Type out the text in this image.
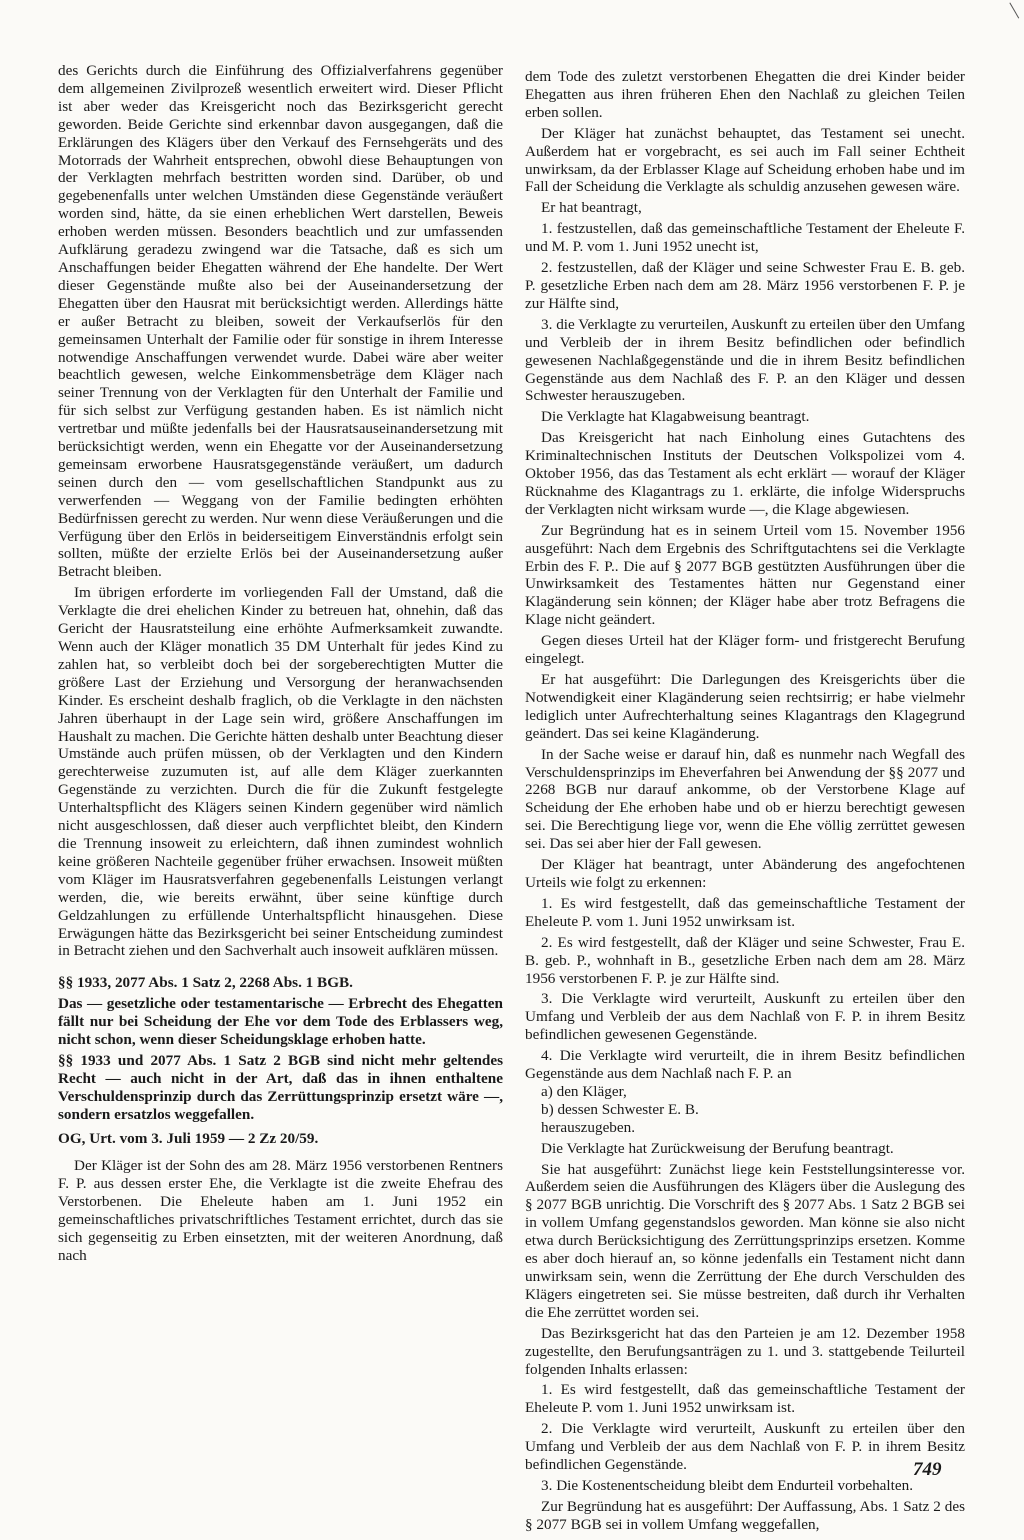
des Gerichts durch die Einführung des Offizialverfahrens gegenüber dem allgemeinen Zivilprozeß wesentlich erweitert wird. Dieser Pflicht ist aber weder das Kreisgericht noch das Bezirksgericht gerecht geworden. Beide Gerichte sind erkennbar davon ausgegangen, daß die Erklärungen des Klägers über den Verkauf des Fernsehgeräts und des Motorrads der Wahrheit entsprechen, obwohl diese Behauptungen von der Verklagten mehrfach bestritten worden sind. Darüber, ob und gegebenenfalls unter welchen Umständen diese Gegenstände veräußert worden sind, hätte, da sie einen erheblichen Wert darstellen, Beweis erhoben werden müssen. Besonders beachtlich und zur umfassenden Aufklärung geradezu zwingend war die Tatsache, daß es sich um Anschaffungen beider Ehegatten während der Ehe handelte. Der Wert dieser Gegenstände mußte also bei der Auseinandersetzung der Ehegatten über den Hausrat mit berücksichtigt werden. Allerdings hätte er außer Betracht zu bleiben, soweit der Verkaufserlös für den gemeinsamen Unterhalt der Familie oder für sonstige in ihrem Interesse notwendige Anschaffungen verwendet wurde. Dabei wäre aber weiter beachtlich gewesen, welche Einkommensbeträge dem Kläger nach seiner Trennung von der Verklagten für den Unterhalt der Familie und für sich selbst zur Verfügung gestanden haben. Es ist nämlich nicht vertretbar und müßte jedenfalls bei der Hausratsauseinandersetzung mit berücksichtigt werden, wenn ein Ehegatte vor der Auseinandersetzung gemeinsam erworbene Hausratsgegenstände veräußert, um dadurch seinen durch den — vom gesellschaftlichen Standpunkt aus zu verwerfenden — Weggang von der Familie bedingten erhöhten Bedürfnissen gerecht zu werden. Nur wenn diese Veräußerungen und die Verfügung über den Erlös in beiderseitigem Einverständnis erfolgt sein sollten, müßte der erzielte Erlös bei der Auseinandersetzung außer Betracht bleiben.

Im übrigen erforderte im vorliegenden Fall der Umstand, daß die Verklagte die drei ehelichen Kinder zu betreuen hat, ohnehin, daß das Gericht der Hausratsteilung eine erhöhte Aufmerksamkeit zuwandte. Wenn auch der Kläger monatlich 35 DM Unterhalt für jedes Kind zu zahlen hat, so verbleibt doch bei der sorgeberechtigten Mutter die größere Last der Erziehung und Versorgung der heranwachsenden Kinder. Es erscheint deshalb fraglich, ob die Verklagte in den nächsten Jahren überhaupt in der Lage sein wird, größere Anschaffungen im Haushalt zu machen. Die Gerichte hätten deshalb unter Beachtung dieser Umstände auch prüfen müssen, ob der Verklagten und den Kindern gerechterweise zuzumuten ist, auf alle dem Kläger zuerkannten Gegenstände zu verzichten. Durch die für die Zukunft festgelegte Unterhaltspflicht des Klägers seinen Kindern gegenüber wird nämlich nicht ausgeschlossen, daß dieser auch verpflichtet bleibt, den Kindern die Trennung insoweit zu erleichtern, daß ihnen zumindest wohnlich keine größeren Nachteile gegenüber früher erwachsen. Insoweit müßten vom Kläger im Hausratsverfahren gegebenenfalls Leistungen verlangt werden, die, wie bereits erwähnt, über seine künftige durch Geldzahlungen zu erfüllende Unterhaltspflicht hinausgehen. Diese Erwägungen hätte das Bezirksgericht bei seiner Entscheidung zumindest in Betracht ziehen und den Sachverhalt auch insoweit aufklären müssen.

§§ 1933, 2077 Abs. 1 Satz 2, 2268 Abs. 1 BGB.

Das — gesetzliche oder testamentarische — Erbrecht des Ehegatten fällt nur bei Scheidung der Ehe vor dem Tode des Erblassers weg, nicht schon, wenn dieser Scheidungsklage erhoben hatte.

§§ 1933 und 2077 Abs. 1 Satz 2 BGB sind nicht mehr geltendes Recht — auch nicht in der Art, daß das in ihnen enthaltene Verschuldensprinzip durch das Zerrüttungsprinzip ersetzt wäre —, sondern ersatzlos weggefallen.

OG, Urt. vom 3. Juli 1959 — 2 Zz 20/59.

Der Kläger ist der Sohn des am 28. März 1956 verstorbenen Rentners F. P. aus dessen erster Ehe, die Verklagte ist die zweite Ehefrau des Verstorbenen. Die Eheleute haben am 1. Juni 1952 ein gemeinschaftliches privatschriftliches Testament errichtet, durch das sie sich gegenseitig zu Erben einsetzten, mit der weiteren Anordnung, daß nach

dem Tode des zuletzt verstorbenen Ehegatten die drei Kinder beider Ehegatten aus ihren früheren Ehen den Nachlaß zu gleichen Teilen erben sollen.

Der Kläger hat zunächst behauptet, das Testament sei unecht. Außerdem hat er vorgebracht, es sei auch im Fall seiner Echtheit unwirksam, da der Erblasser Klage auf Scheidung erhoben habe und im Fall der Scheidung die Verklagte als schuldig anzusehen gewesen wäre.

Er hat beantragt,

1. festzustellen, daß das gemeinschaftliche Testament der Eheleute F. und M. P. vom 1. Juni 1952 unecht ist,

2. festzustellen, daß der Kläger und seine Schwester Frau E. B. geb. P. gesetzliche Erben nach dem am 28. März 1956 verstorbenen F. P. je zur Hälfte sind,

3. die Verklagte zu verurteilen, Auskunft zu erteilen über den Umfang und Verbleib der in ihrem Besitz befindlichen oder befindlich gewesenen Nachlaßgegenstände und die in ihrem Besitz befindlichen Gegenstände aus dem Nachlaß des F. P. an den Kläger und dessen Schwester herauszugeben.

Die Verklagte hat Klagabweisung beantragt.

Das Kreisgericht hat nach Einholung eines Gutachtens des Kriminaltechnischen Instituts der Deutschen Volkspolizei vom 4. Oktober 1956, das das Testament als echt erklärt — worauf der Kläger Rücknahme des Klagantrags zu 1. erklärte, die infolge Widerspruchs der Verklagten nicht wirksam wurde —, die Klage abgewiesen.

Zur Begründung hat es in seinem Urteil vom 15. November 1956 ausgeführt: Nach dem Ergebnis des Schriftgutachtens sei die Verklagte Erbin des F. P.. Die auf § 2077 BGB gestützten Ausführungen über die Unwirksamkeit des Testamentes hätten nur Gegenstand einer Klagänderung sein können; der Kläger habe aber trotz Befragens die Klage nicht geändert.

Gegen dieses Urteil hat der Kläger form- und fristgerecht Berufung eingelegt.

Er hat ausgeführt: Die Darlegungen des Kreisgerichts über die Notwendigkeit einer Klagänderung seien rechtsirrig; er habe vielmehr lediglich unter Aufrechterhaltung seines Klagantrags den Klagegrund geändert. Das sei keine Klagänderung.

In der Sache weise er darauf hin, daß es nunmehr nach Wegfall des Verschuldensprinzips im Eheverfahren bei Anwendung der §§ 2077 und 2268 BGB nur darauf ankomme, ob der Verstorbene Klage auf Scheidung der Ehe erhoben habe und ob er hierzu berechtigt gewesen sei. Die Berechtigung liege vor, wenn die Ehe völlig zerrüttet gewesen sei. Das sei aber hier der Fall gewesen.

Der Kläger hat beantragt, unter Abänderung des angefochtenen Urteils wie folgt zu erkennen:

1. Es wird festgestellt, daß das gemeinschaftliche Testament der Eheleute P. vom 1. Juni 1952 unwirksam ist.

2. Es wird festgestellt, daß der Kläger und seine Schwester, Frau E. B. geb. P., wohnhaft in B., gesetzliche Erben nach dem am 28. März 1956 verstorbenen F. P. je zur Hälfte sind.

3. Die Verklagte wird verurteilt, Auskunft zu erteilen über den Umfang und Verbleib der aus dem Nachlaß von F. P. in ihrem Besitz befindlichen gewesenen Gegenstände.

4. Die Verklagte wird verurteilt, die in ihrem Besitz befindlichen Gegenstände aus dem Nachlaß nach F. P. an

a) den Kläger,

b) dessen Schwester E. B.

herauszugeben.

Die Verklagte hat Zurückweisung der Berufung beantragt.

Sie hat ausgeführt: Zunächst liege kein Feststellungsinteresse vor. Außerdem seien die Ausführungen des Klägers über die Auslegung des § 2077 BGB unrichtig. Die Vorschrift des § 2077 Abs. 1 Satz 2 BGB sei in vollem Umfang gegenstandslos geworden. Man könne sie also nicht etwa durch Berücksichtigung des Zerrüttungsprinzips ersetzen. Komme es aber doch hierauf an, so könne jedenfalls ein Testament nicht dann unwirksam sein, wenn die Zerrüttung der Ehe durch Verschulden des Klägers eingetreten sei. Sie müsse bestreiten, daß durch ihr Verhalten die Ehe zerrüttet worden sei.

Das Bezirksgericht hat das den Parteien je am 12. Dezember 1958 zugestellte, den Berufungsanträgen zu 1. und 3. stattgebende Teilurteil folgenden Inhalts erlassen:

1. Es wird festgestellt, daß das gemeinschaftliche Testament der Eheleute P. vom 1. Juni 1952 unwirksam ist.

2. Die Verklagte wird verurteilt, Auskunft zu erteilen über den Umfang und Verbleib der aus dem Nachlaß von F. P. in ihrem Besitz befindlichen Gegenstände.

3. Die Kostenentscheidung bleibt dem Endurteil vorbehalten.

Zur Begründung hat es ausgeführt: Der Auffassung, Abs. 1 Satz 2 des § 2077 BGB sei in vollem Umfang weggefallen,

749
